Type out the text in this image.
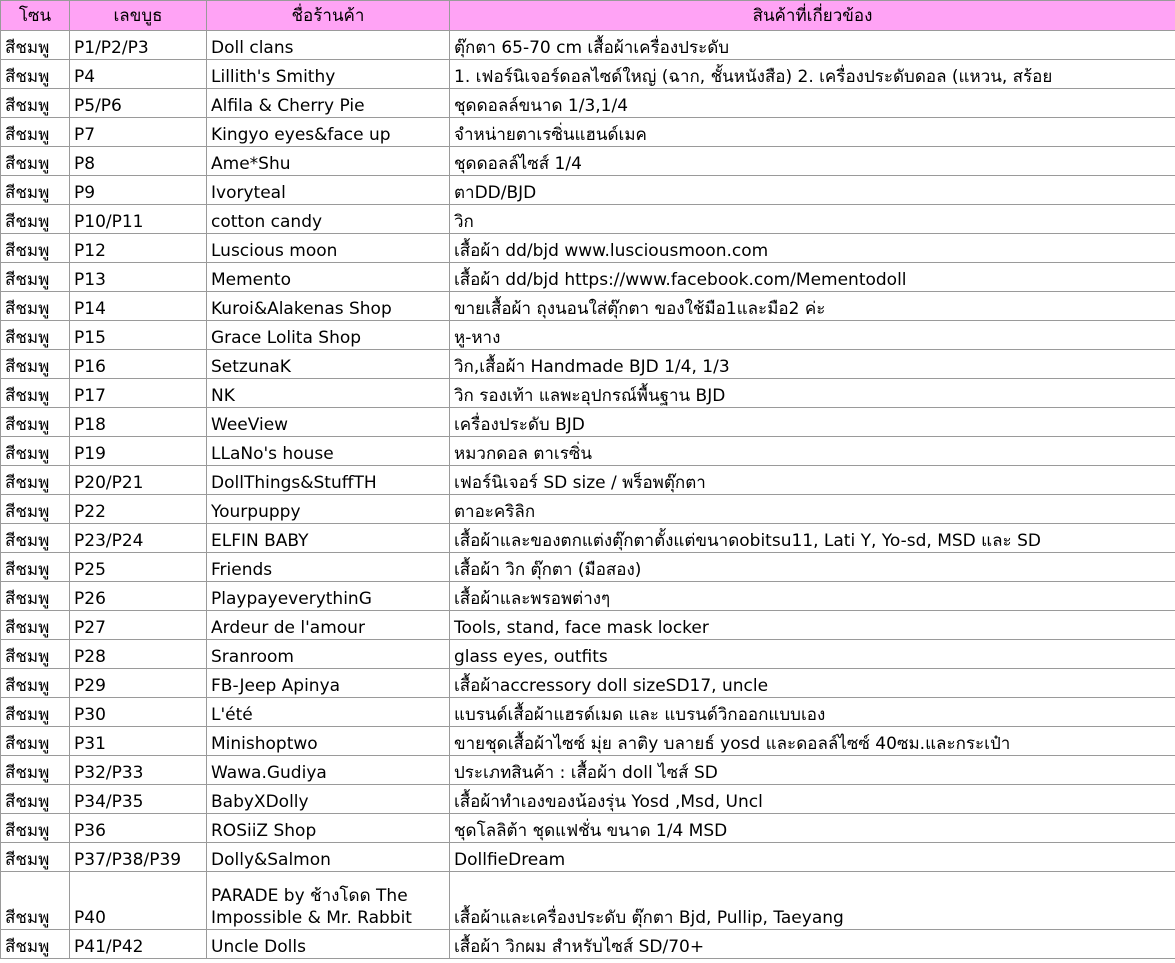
โซน	เลขบูธ	ชื่อร้านค้า	สินค้าที่เกี่ยวข้อง
สีชมพู	P1/P2/P3	Doll clans	ตุ๊กตา 65-70 cm เสื้อผ้าเครื่องประดับ
สีชมพู	P4	Lillith's Smithy	1. เฟอร์นิเจอร์ดอลไซด์ใหญ่ (ฉาก, ชั้นหนังสือ) 2. เครื่องประดับดอล (แหวน, สร้อย
สีชมพู	P5/P6	Alfila & Cherry Pie	ชุดดอลล์ขนาด 1/3,1/4
สีชมพู	P7	Kingyo eyes&face up	จำหน่ายตาเรซิ่นแฮนด์เมค
สีชมพู	P8	Ame*Shu	ชุดดอลล์ไซส์ 1/4
สีชมพู	P9	Ivoryteal	ตาDD/BJD
สีชมพู	P10/P11	cotton candy	วิก
สีชมพู	P12	Luscious moon	เสื้อผ้า dd/bjd www.lusciousmoon.com
สีชมพู	P13	Memento	เสื้อผ้า dd/bjd https://www.facebook.com/Mementodoll
สีชมพู	P14	Kuroi&Alakenas Shop	ขายเสื้อผ้า ถุงนอนใส่ตุ๊กตา ของใช้มือ1และมือ2 ค่ะ
สีชมพู	P15	Grace Lolita Shop	หู-หาง
สีชมพู	P16	SetzunaK	วิก,เสื้อผ้า Handmade BJD 1/4, 1/3
สีชมพู	P17	NK	วิก รองเท้า แลพะอุปกรณ์พื้นฐาน BJD
สีชมพู	P18	WeeView	เครื่องประดับ BJD
สีชมพู	P19	LLaNo's house	หมวกดอล ตาเรซิ่น
สีชมพู	P20/P21	DollThings&StuffTH	เฟอร์นิเจอร์ SD size / พร็อพตุ๊กตา
สีชมพู	P22	Yourpuppy	ตาอะคริลิก
สีชมพู	P23/P24	ELFIN BABY	เสื้อผ้าและของตกแต่งตุ๊กตาตั้งแต่ขนาดobitsu11, Lati Y, Yo-sd, MSD และ SD
สีชมพู	P25	Friends	เสื้อผ้า วิก ตุ๊กตา (มือสอง)
สีชมพู	P26	PlaypayeverythinG	เสื้อผ้าและพรอพต่างๆ
สีชมพู	P27	Ardeur de l'amour	Tools, stand, face mask locker
สีชมพู	P28	Sranroom	glass eyes, outfits
สีชมพู	P29	FB-Jeep Apinya	เสื้อผ้าaccressory doll sizeSD17, uncle
สีชมพู	P30	L'été	แบรนด์เสื้อผ้าแฮรด์เมด และ แบรนด์วิกออกแบบเอง
สีชมพู	P31	Minishoptwo	ขายชุดเสื้อผ้าไซซ์ มุ่ย ลาติy บลายธ์ yosd และดอลล์ไซซ์ 40ซม.และกระเป๋า
สีชมพู	P32/P33	Wawa.Gudiya	ประเภทสินค้า : เสื้อผ้า doll ไซส์ SD
สีชมพู	P34/P35	BabyXDolly	เสื้อผ้าทำเองของน้องรุ่น Yosd ,Msd, Uncl
สีชมพู	P36	ROSiiZ Shop	ชุดโลลิต้า ชุดแฟชั่น ขนาด 1/4 MSD
สีชมพู	P37/P38/P39	Dolly&Salmon	DollfieDream
สีชมพู	P40	PARADE by ช้างโดด The Impossible & Mr. Rabbit	เสื้อผ้าและเครื่องประดับ ตุ๊กตา Bjd, Pullip, Taeyang
สีชมพู	P41/P42	Uncle Dolls	เสื้อผ้า วิกผม สำหรับไซส์ SD/70+
